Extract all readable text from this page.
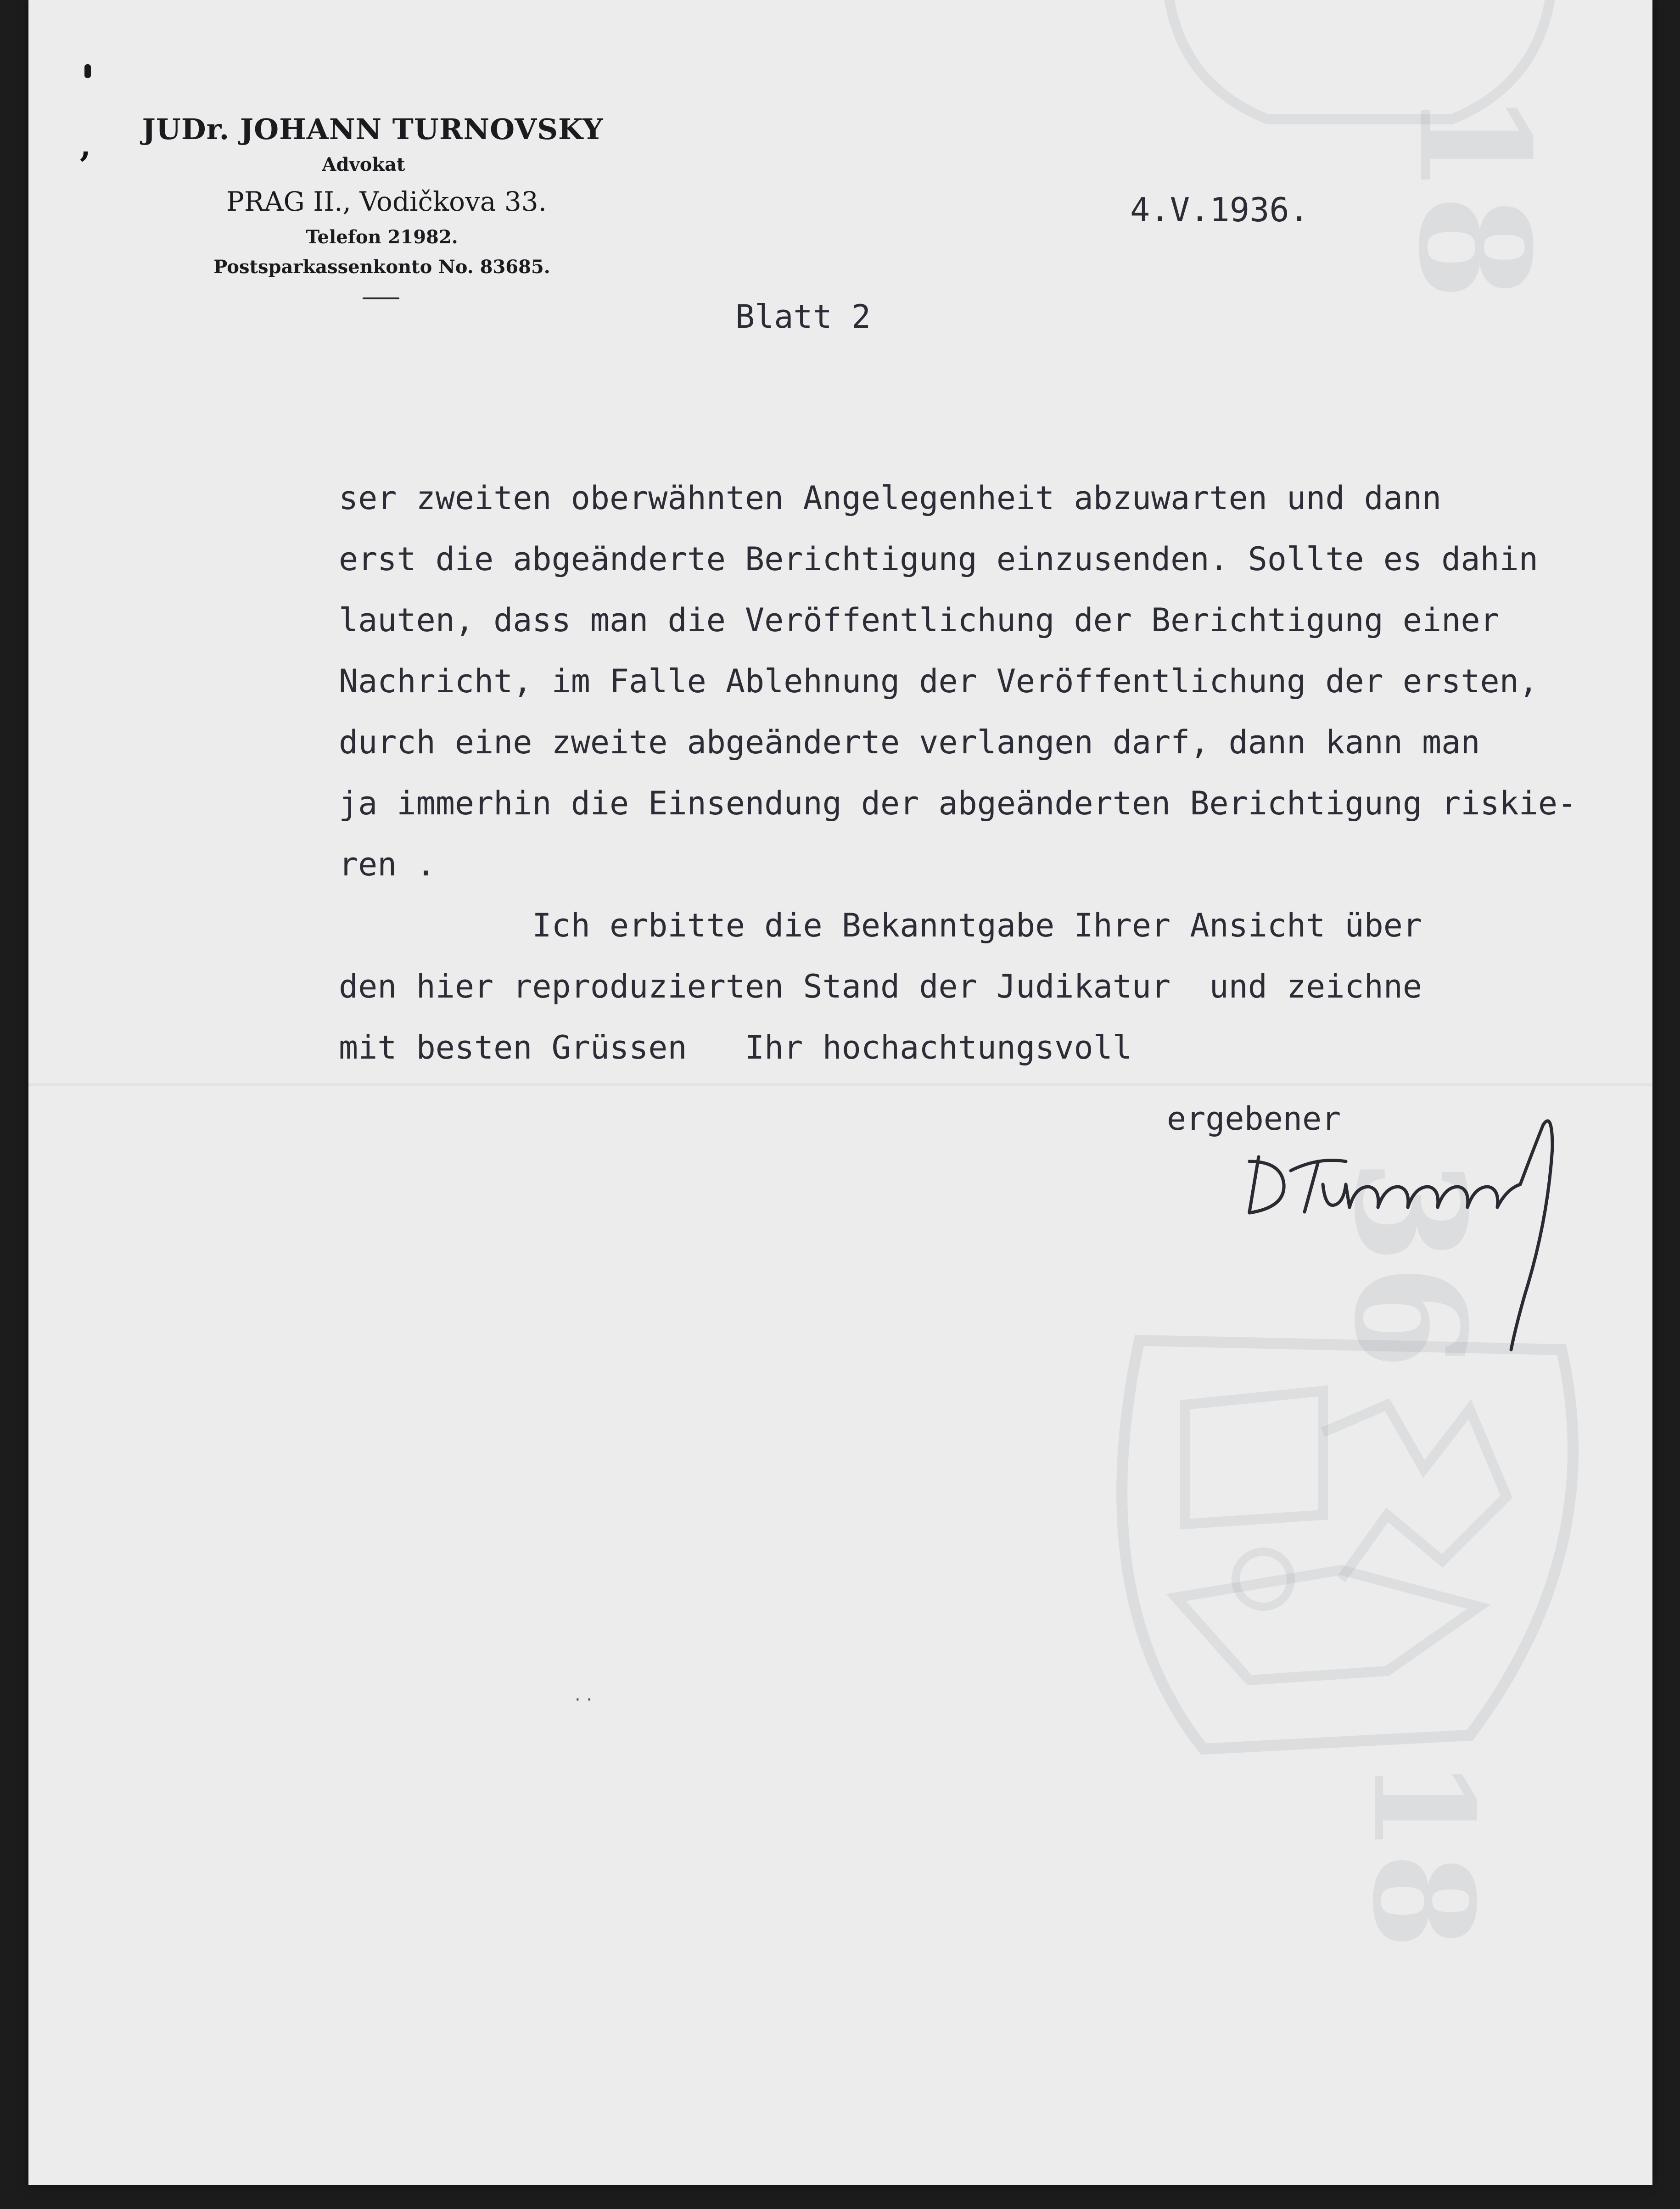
18
36
18
, JUDr. JOHANN TURNOVSKY
Advokat
PRAG II., Vodičkova 33.
Telefon 21982.
Postsparkassenkonto No. 83685.
4.V.1936.
Blatt 2
ser zweiten oberwähnten Angelegenheit abzuwarten und dann
erst die abgeänderte Berichtigung einzusenden. Sollte es dahin
lauten, dass man die Veröffentlichung der Berichtigung einer
Nachricht, im Falle Ablehnung der Veröffentlichung der ersten,
durch eine zweite abgeänderte verlangen darf, dann kann man
ja immerhin die Einsendung der abgeänderten Berichtigung riskie-
ren .
Ich erbitte die Bekanntgabe Ihrer Ansicht über
den hier reproduzierten Stand der Judikatur  und zeichne
mit besten Grüssen   Ihr hochachtungsvoll
ergebener
· ·
